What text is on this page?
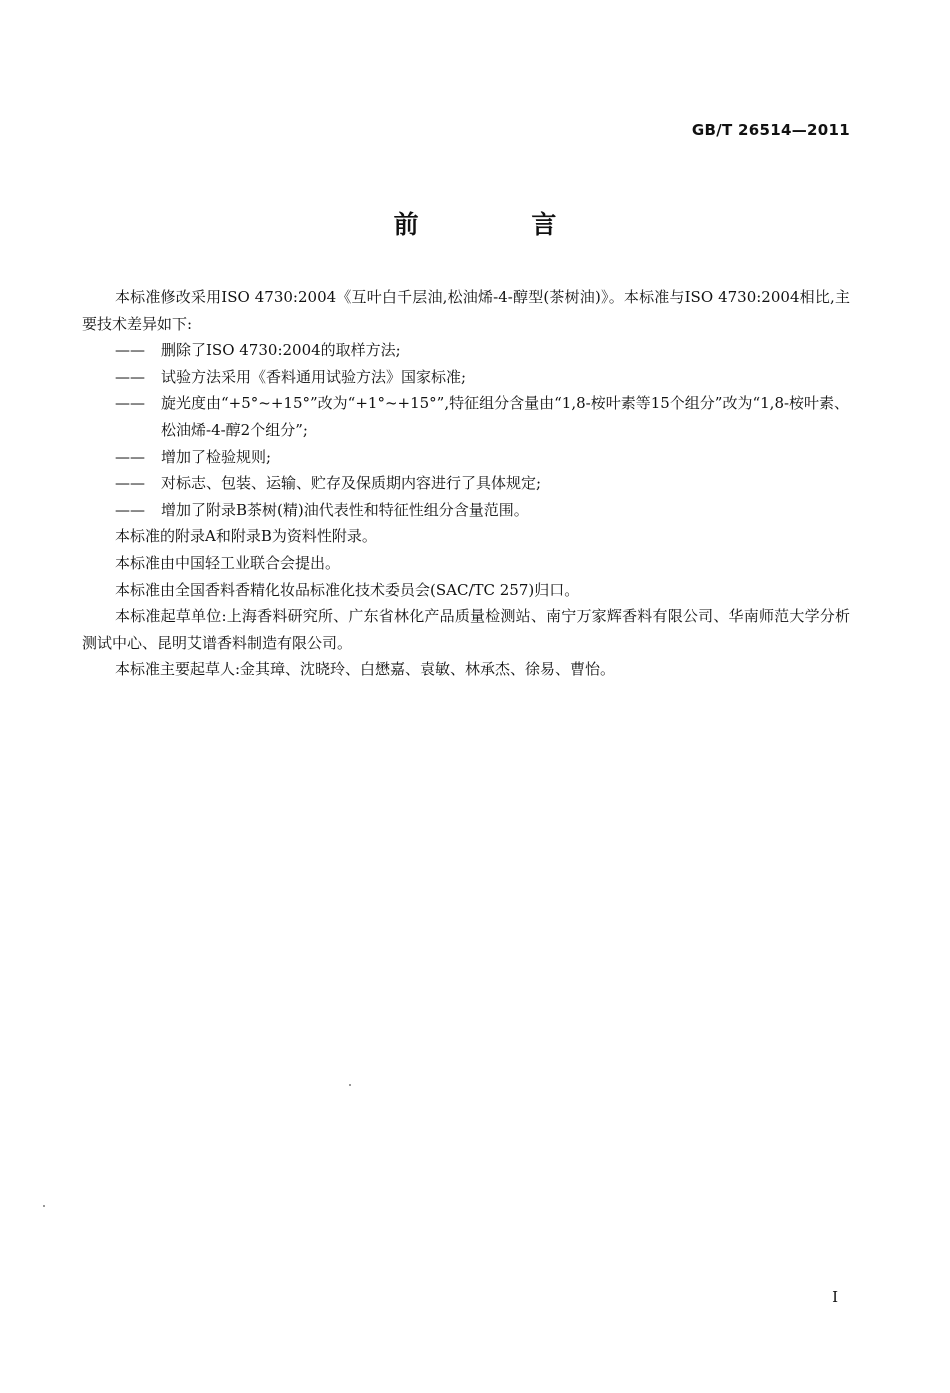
GB/T 26514—2011
前 言

本标准修改采用ISO 4730:2004《互叶白千层油,松油烯-4-醇型(茶树油)》。本标准与ISO 4730:2004相比,主要技术差异如下:

—— 删除了ISO 4730:2004的取样方法;
—— 试验方法采用《香料通用试验方法》国家标准;
—— 旋光度由“+5°~+15°”改为“+1°~+15°”,特征组分含量由“1,8-桉叶素等15个组分”改为“1,8-桉叶素、松油烯-4-醇2个组分”;
—— 增加了检验规则;
—— 对标志、包装、运输、贮存及保质期内容进行了具体规定;
—— 增加了附录B茶树(精)油代表性和特征性组分含量范围。

本标准的附录A和附录B为资料性附录。

本标准由中国轻工业联合会提出。

本标准由全国香料香精化妆品标准化技术委员会(SAC/TC 257)归口。

本标准起草单位:上海香料研究所、广东省林化产品质量检测站、南宁万家辉香料有限公司、华南师范大学分析测试中心、昆明艾谱香料制造有限公司。

本标准主要起草人:金其璋、沈晓玲、白懋嘉、袁敏、林承杰、徐易、曹怡。

I
